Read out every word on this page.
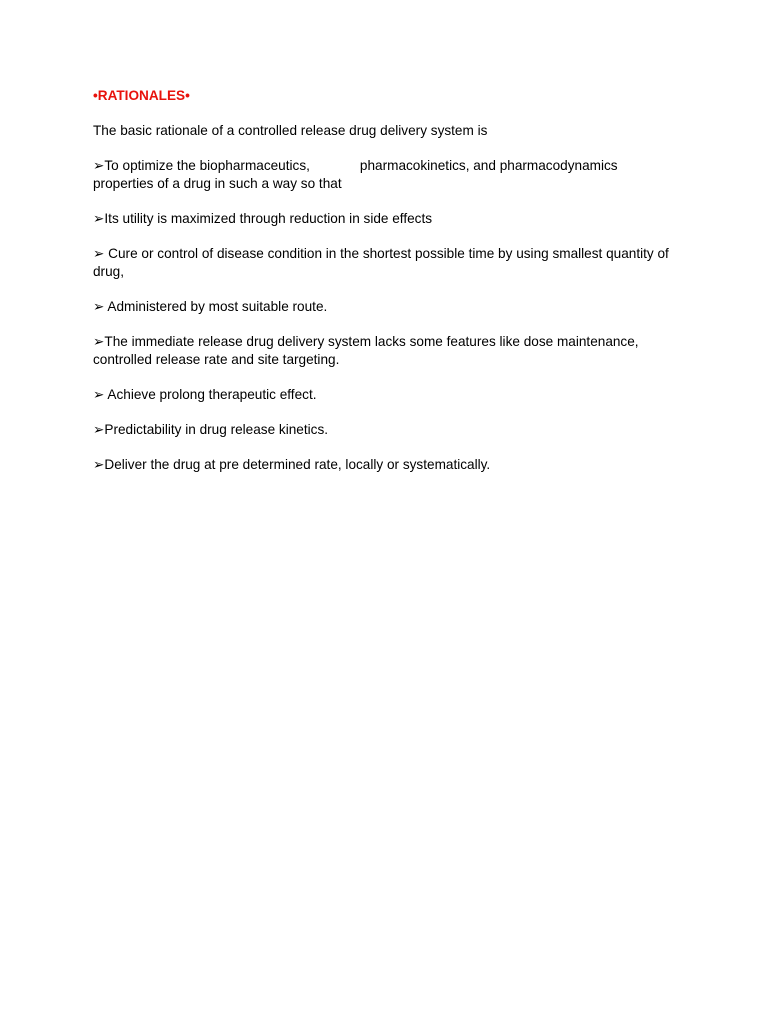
•RATIONALES•
The basic rationale of a controlled release drug delivery system is
➢To optimize the biopharmaceutics,	pharmacokinetics, and pharmacodynamics
properties of a drug in such a way so that
➢Its utility is maximized through reduction in side effects
➢ Cure or control of disease condition in the shortest possible time by using smallest quantity of drug,
➢ Administered by most suitable route.
➢The immediate release drug delivery system lacks some features like dose maintenance, controlled release rate and site targeting.
➢ Achieve prolong therapeutic effect.
➢Predictability in drug release kinetics.
➢Deliver the drug at pre determined rate, locally or systematically.
